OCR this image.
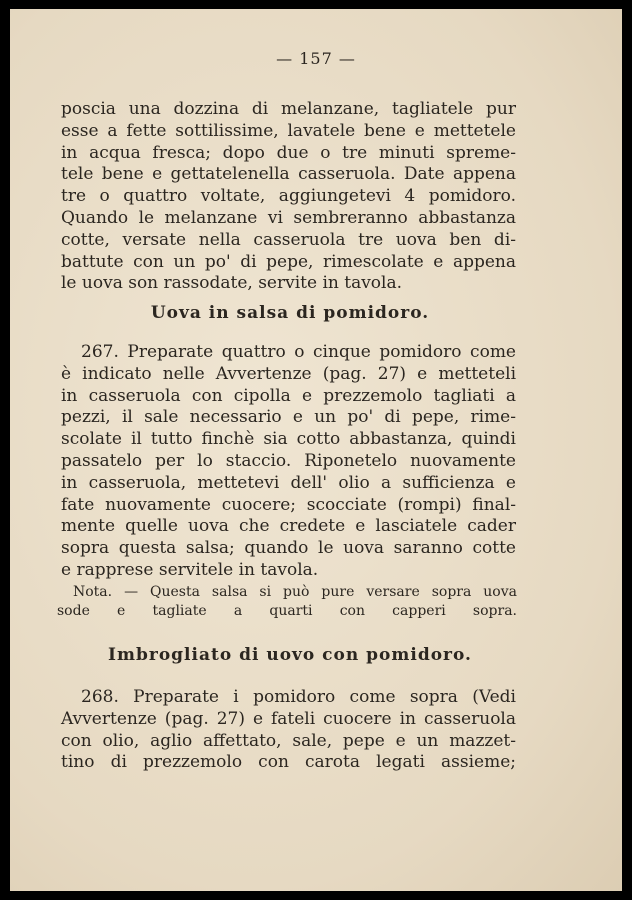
— 157 —
poscia una dozzina di melanzane, tagliatele pur
esse a fette sottilissime, lavatele bene e mettetele
in acqua fresca; dopo due o tre minuti spreme-
tele bene e gettatelenella casseruola. Date appena
tre o quattro voltate, aggiungetevi 4 pomidoro.
Quando le melanzane vi sembreranno abbastanza
cotte, versate nella casseruola tre uova ben di-
battute con un po' di pepe, rimescolate e appena
le uova son rassodate, servite in tavola.
Uova in salsa di pomidoro.
267. Preparate quattro o cinque pomidoro come
è indicato nelle Avvertenze (pag. 27) e metteteli
in casseruola con cipolla e prezzemolo tagliati a
pezzi, il sale necessario e un po' di pepe, rime-
scolate il tutto finchè sia cotto abbastanza, quindi
passatelo per lo staccio. Riponetelo nuovamente
in casseruola, mettetevi dell' olio a sufficienza e
fate nuovamente cuocere; scocciate (rompi) final-
mente quelle uova che credete e lasciatele cader
sopra questa salsa; quando le uova saranno cotte
e rapprese servitele in tavola.
Nota. — Questa salsa si può pure versare sopra uova
sode e tagliate a quarti con capperi sopra.
Imbrogliato di uovo con pomidoro.
268. Preparate i pomidoro come sopra (Vedi
Avvertenze (pag. 27) e fateli cuocere in casseruola
con olio, aglio affettato, sale, pepe e un mazzet-
tino di prezzemolo con carota legati assieme;
